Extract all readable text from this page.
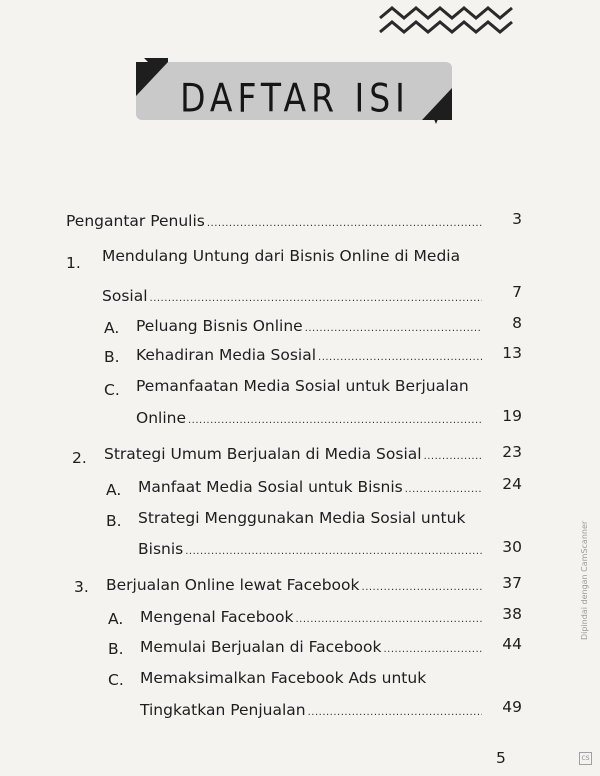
DAFTAR ISI
Pengantar Penulis .....	3
1. Mendulang Untung dari Bisnis Online di Media
Sosial .....	7
A. Peluang Bisnis Online .....	8
B. Kehadiran Media Sosial .....	13
C. Pemanfaatan Media Sosial untuk Berjualan
Online .....	19
2. Strategi Umum Berjualan di Media Sosial .....	23
A. Manfaat Media Sosial untuk Bisnis .....	24
B. Strategi Menggunakan Media Sosial untuk
Bisnis .....	30
3. Berjualan Online lewat Facebook .....	37
A. Mengenal Facebook .....	38
B. Memulai Berjualan di Facebook .....	44
C. Memaksimalkan Facebook Ads untuk
Tingkatkan Penjualan .....	49
5
Dipindai dengan CamScanner
CS
